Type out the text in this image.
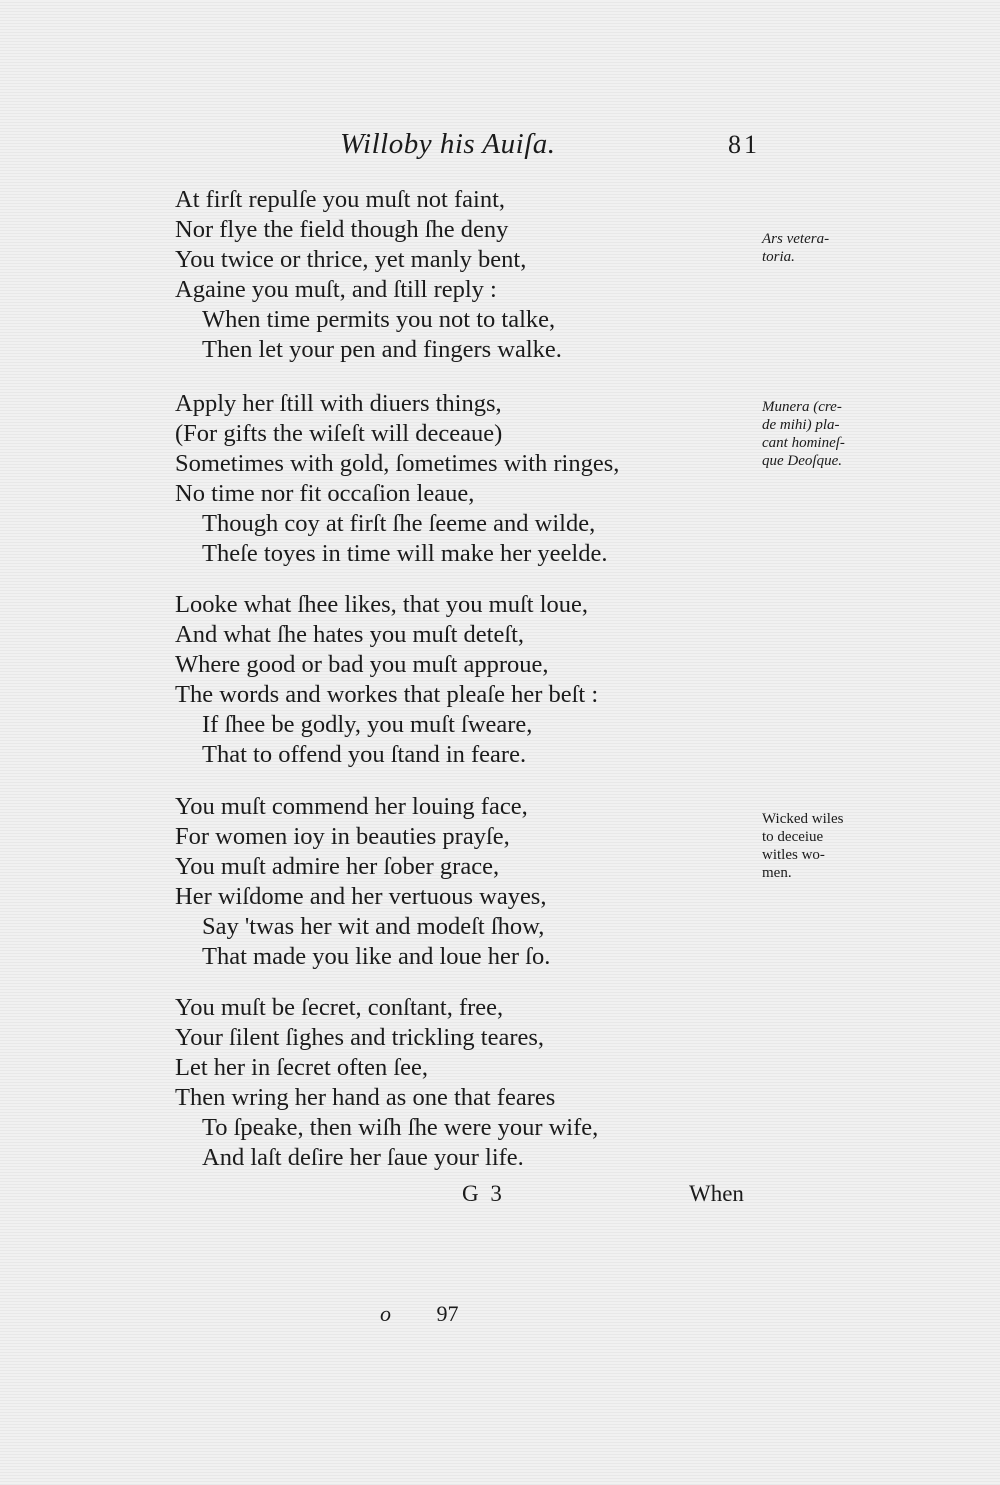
Willoby his Auiſa.	81
At firſt repulſe you muſt not faint,
Nor flye the field though ſhe deny
You twice or thrice, yet manly bent,
Againe you muſt, and ſtill reply :
When time permits you not to talke,
Then let your pen and fingers walke.
Apply her ſtill with diuers things,
(For gifts the wiſeſt will deceaue)
Sometimes with gold, ſometimes with ringes,
No time nor fit occaſion leaue,
Though coy at firſt ſhe ſeeme and wilde,
Theſe toyes in time will make her yeelde.
Looke what ſhee likes, that you muſt loue,
And what ſhe hates you muſt deteſt,
Where good or bad you muſt approue,
The words and workes that pleaſe her beſt :
If ſhee be godly, you muſt ſweare,
That to offend you ſtand in feare.
You muſt commend her louing face,
For women ioy in beauties prayſe,
You muſt admire her ſober grace,
Her wiſdome and her vertuous wayes,
Say 'twas her wit and modeſt ſhow,
That made you like and loue her ſo.
You muſt be ſecret, conſtant, free,
Your ſilent ſighes and trickling teares,
Let her in ſecret often ſee,
Then wring her hand as one that feares
To ſpeake, then wiſh ſhe were your wife,
And laſt deſire her ſaue your life.
Ars vetera-
toria.
Munera (cre-
de mihi) pla-
cant homineſ-
que Deoſque.
Wicked wiles
to deceiue
witles wo-
men.
G 3	When
o 97
